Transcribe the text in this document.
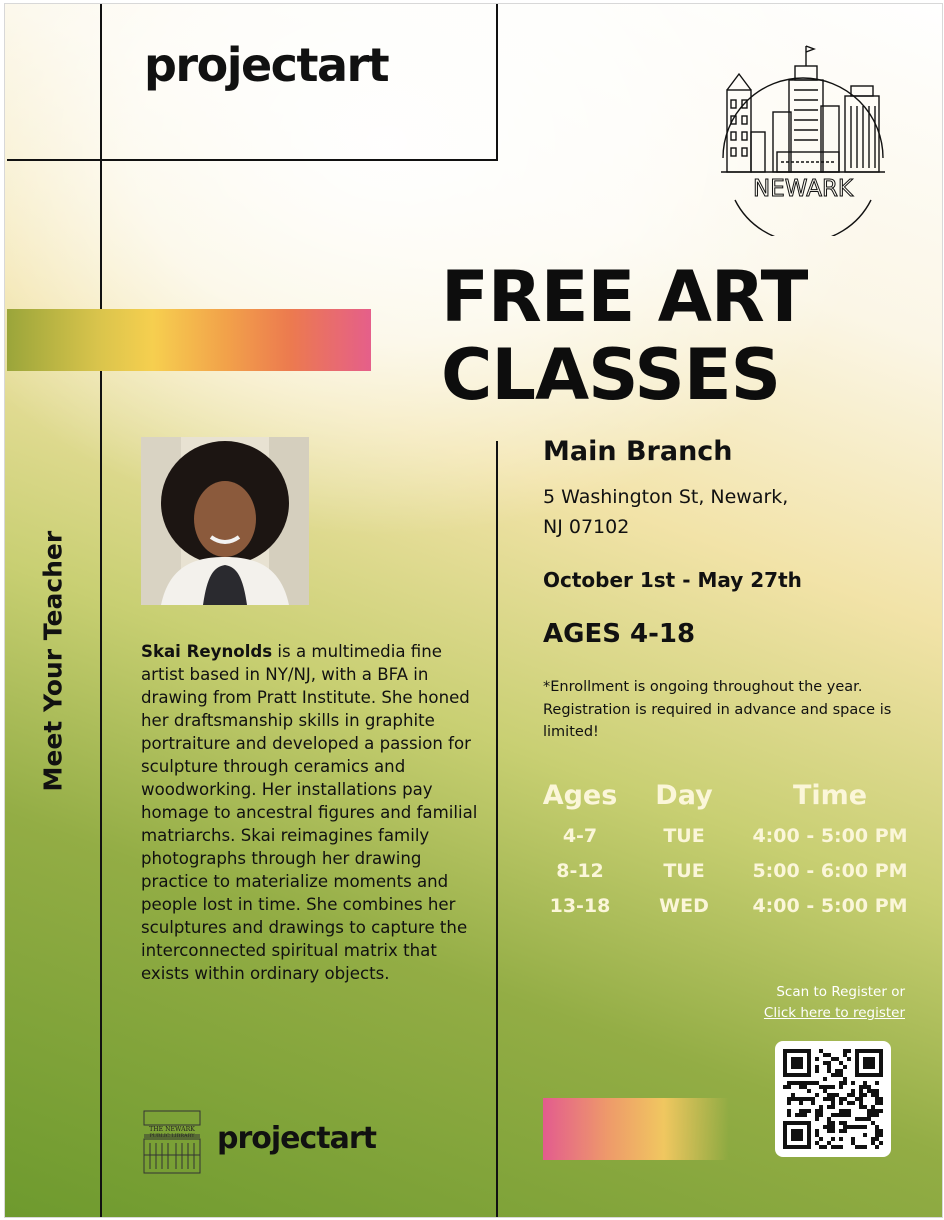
projectart
NEWARK
FREE ART
CLASSES
Meet Your Teacher	Skai Reynolds is a multimedia fine artist based in NY/NJ, with a BFA in drawing from Pratt Institute. She honed her draftsmanship skills in graphite portraiture and developed a passion for sculpture through ceramics and woodworking. Her installations pay homage to ancestral figures and familial matriarchs. Skai reimagines family photographs through her drawing practice to materialize moments and people lost in time. She combines her sculptures and drawings to capture the interconnected spiritual matrix that exists within ordinary objects.
THE NEWARK
PUBLIC LIBRARY projectart
Main Branch
5 Washington St, Newark,
NJ 07102
October 1st - May 27th
AGES 4-18
*Enrollment is ongoing throughout the year. Registration is required in advance and space is limited!
Ages	Day	Time
4-7	TUE	4:00 - 5:00 PM
8-12	TUE	5:00 - 6:00 PM
13-18	WED	4:00 - 5:00 PM
Scan to Register or
Click here to register
